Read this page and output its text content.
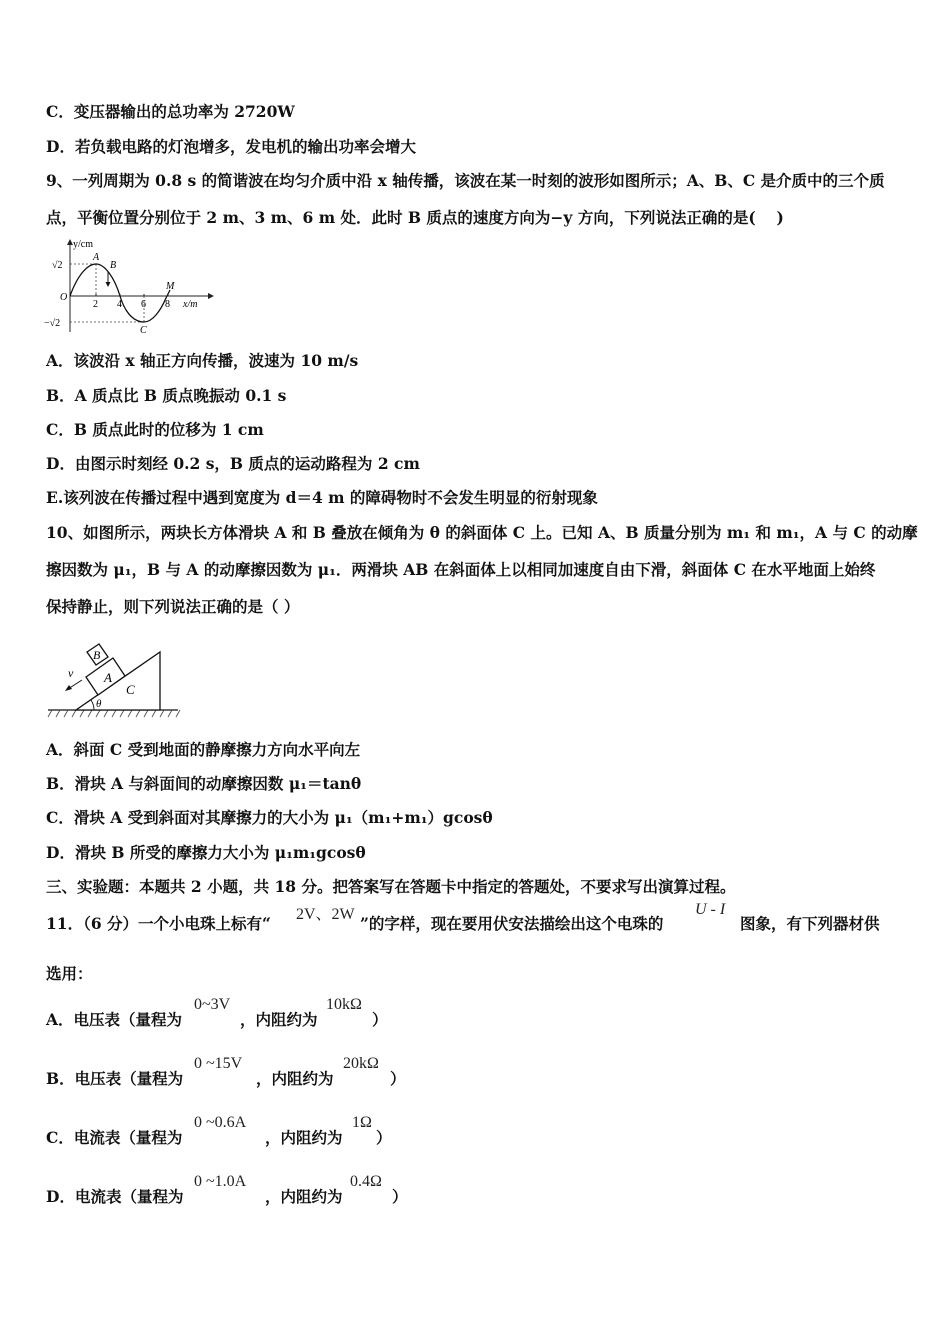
C．变压器输出的总功率为 2720W
D．若负载电路的灯泡增多，发电机的输出功率会增大
9、一列周期为 0.8 s 的简谐波在均匀介质中沿 x 轴传播，该波在某一时刻的波形如图所示；A、B、C 是介质中的三个质
点，平衡位置分别位于 2 m、3 m、6 m 处．此时 B 质点的速度方向为−y 方向，下列说法正确的是(　 )
y/cm
x/m
√2
−√2
O
2 4 6 8
A
B
C
M
A．该波沿 x 轴正方向传播，波速为 10 m/s
B．A 质点比 B 质点晚振动 0.1 s
C．B 质点此时的位移为 1 cm
D．由图示时刻经 0.2 s，B 质点的运动路程为 2 cm
E.该列波在传播过程中遇到宽度为 d＝4 m 的障碍物时不会发生明显的衍射现象
10、如图所示，两块长方体滑块 A 和 B 叠放在倾角为 θ 的斜面体 C 上。已知 A、B 质量分别为 m₁ 和 m₁，A 与 C 的动摩
擦因数为 μ₁，B 与 A 的动摩擦因数为 μ₁．两滑块 AB 在斜面体上以相同加速度自由下滑，斜面体 C 在水平地面上始终
保持静止，则下列说法正确的是（ ）
C
A
B
v
θ
A．斜面 C 受到地面的静摩擦力方向水平向左
B．滑块 A 与斜面间的动摩擦因数 μ₁＝tanθ
C．滑块 A 受到斜面对其摩擦力的大小为 μ₁（m₁+m₁）gcosθ
D．滑块 B 所受的摩擦力大小为 μ₁m₁gcosθ
三、实验题：本题共 2 小题，共 18 分。把答案写在答题卡中指定的答题处，不要求写出演算过程。
11．（6 分）一个小电珠上标有“ 2V、2W ”的字样，现在要用伏安法描绘出这个电珠的
U - I
图象，有下列器材供
选用：
A．电压表（量程为
0~3V
，内阻约为
10kΩ
）
B．电压表（量程为
0 ~15V
，内阻约为
20kΩ
）
C．电流表（量程为
0 ~0.6A
，内阻约为
1Ω
）
D．电流表（量程为
0 ~1.0A
，内阻约为
0.4Ω
）
